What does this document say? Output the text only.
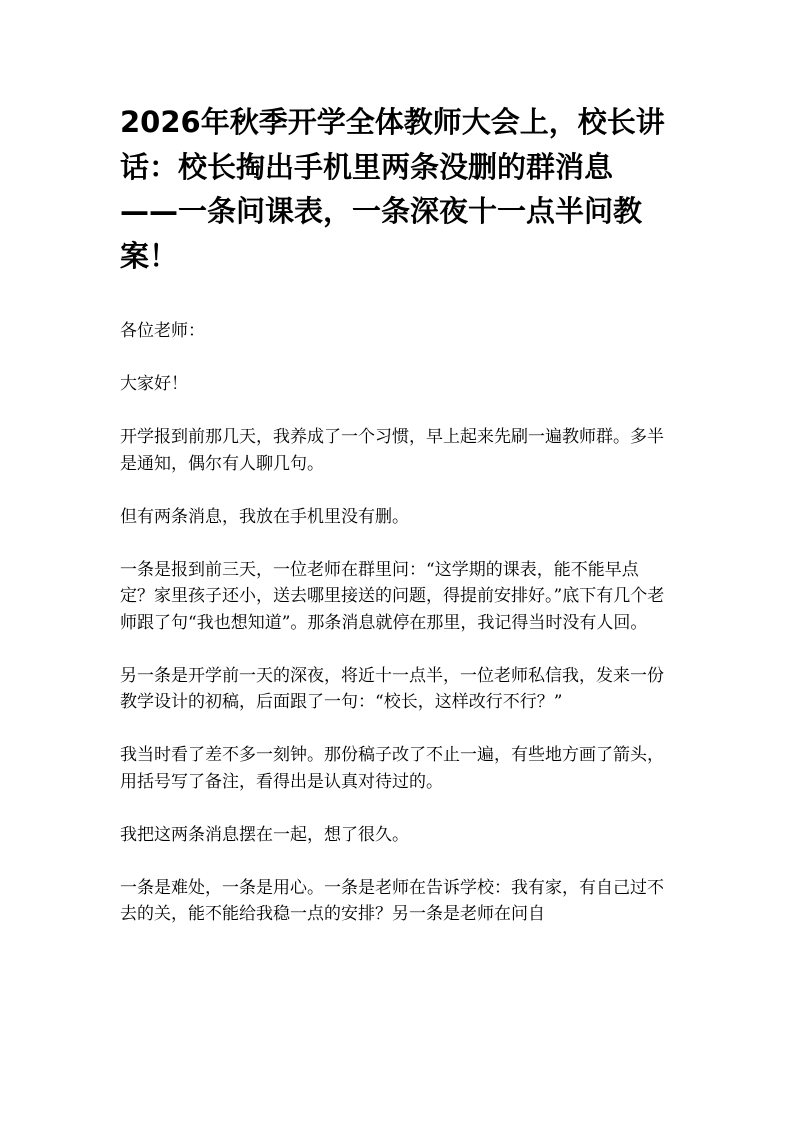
2026年秋季开学全体教师大会上，校长讲话：校长掏出手机里两条没删的群消息——一条问课表，一条深夜十一点半问教案！

各位老师：

大家好！

开学报到前那几天，我养成了一个习惯，早上起来先刷一遍教师群。多半是通知，偶尔有人聊几句。

但有两条消息，我放在手机里没有删。

一条是报到前三天，一位老师在群里问：“这学期的课表，能不能早点定？家里孩子还小，送去哪里接送的问题，得提前安排好。”底下有几个老师跟了句“我也想知道”。那条消息就停在那里，我记得当时没有人回。

另一条是开学前一天的深夜，将近十一点半，一位老师私信我，发来一份教学设计的初稿，后面跟了一句：“校长，这样改行不行？”

我当时看了差不多一刻钟。那份稿子改了不止一遍，有些地方画了箭头，用括号写了备注，看得出是认真对待过的。

我把这两条消息摆在一起，想了很久。

一条是难处，一条是用心。一条是老师在告诉学校：我有家，有自己过不去的关，能不能给我稳一点的安排？另一条是老师在问自
